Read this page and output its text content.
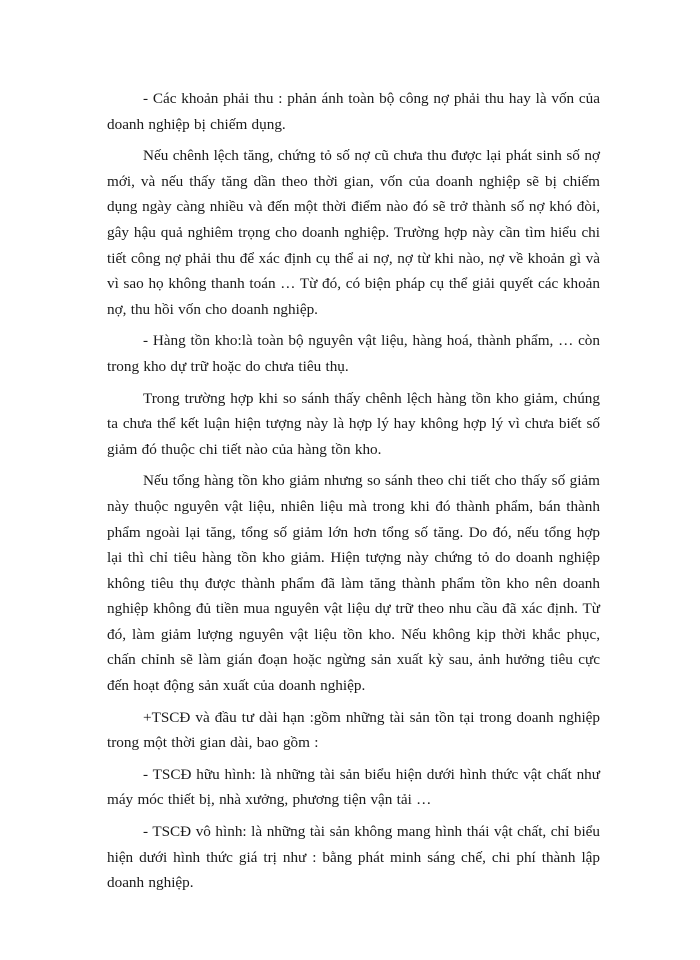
- Các khoản phải thu : phản ánh toàn bộ công nợ phải thu hay là vốn của doanh nghiệp bị chiếm dụng.

Nếu chênh lệch tăng, chứng tỏ số nợ cũ chưa thu được lại phát sinh số nợ mới, và nếu thấy tăng dần theo thời gian, vốn của doanh nghiệp sẽ bị chiếm dụng ngày càng nhiều và đến một thời điểm nào đó sẽ trở thành số nợ khó đòi, gây hậu quả nghiêm trọng cho doanh nghiệp. Trường hợp này cần tìm hiểu chi tiết công nợ phải thu để xác định cụ thể ai nợ, nợ từ khi nào, nợ về khoản gì và vì sao họ không thanh toán … Từ đó, có biện pháp cụ thể giải quyết các khoản nợ, thu hồi vốn cho doanh nghiệp.

- Hàng tồn kho:là toàn bộ nguyên vật liệu, hàng hoá, thành phẩm, … còn trong kho dự trữ hoặc do chưa tiêu thụ.

Trong trường hợp khi so sánh thấy chênh lệch hàng tồn kho giảm, chúng ta chưa thể kết luận hiện tượng này là hợp lý hay không hợp lý vì chưa biết số giảm đó thuộc chi tiết nào của hàng tồn kho.

Nếu tổng hàng tồn kho giảm nhưng so sánh theo chi tiết cho thấy số giảm này thuộc nguyên vật liệu, nhiên liệu mà trong khi đó thành phẩm, bán thành phẩm ngoài lại tăng, tổng số giảm lớn hơn tổng số tăng. Do đó, nếu tổng hợp lại thì chỉ tiêu hàng tồn kho giảm. Hiện tượng này chứng tỏ do doanh nghiệp không tiêu thụ được thành phẩm đã làm tăng thành phẩm tồn kho nên doanh nghiệp không đủ tiền mua nguyên vật liệu dự trữ theo nhu cầu đã xác định. Từ đó, làm giảm lượng nguyên vật liệu tồn kho. Nếu không kịp thời khắc phục, chấn chỉnh sẽ làm gián đoạn hoặc ngừng sản xuất kỳ sau, ảnh hưởng tiêu cực đến hoạt động sản xuất của doanh nghiệp.

+TSCĐ và đầu tư dài hạn :gồm những tài sản tồn tại trong doanh nghiệp trong một thời gian dài, bao gồm :

- TSCĐ hữu hình: là những tài sản biểu hiện dưới hình thức vật chất như máy móc thiết bị, nhà xưởng, phương tiện vận tải …

- TSCĐ vô hình: là những tài sản không mang hình thái vật chất, chỉ biểu hiện dưới hình thức giá trị như : bằng phát minh sáng chế, chi phí thành lập doanh nghiệp.
